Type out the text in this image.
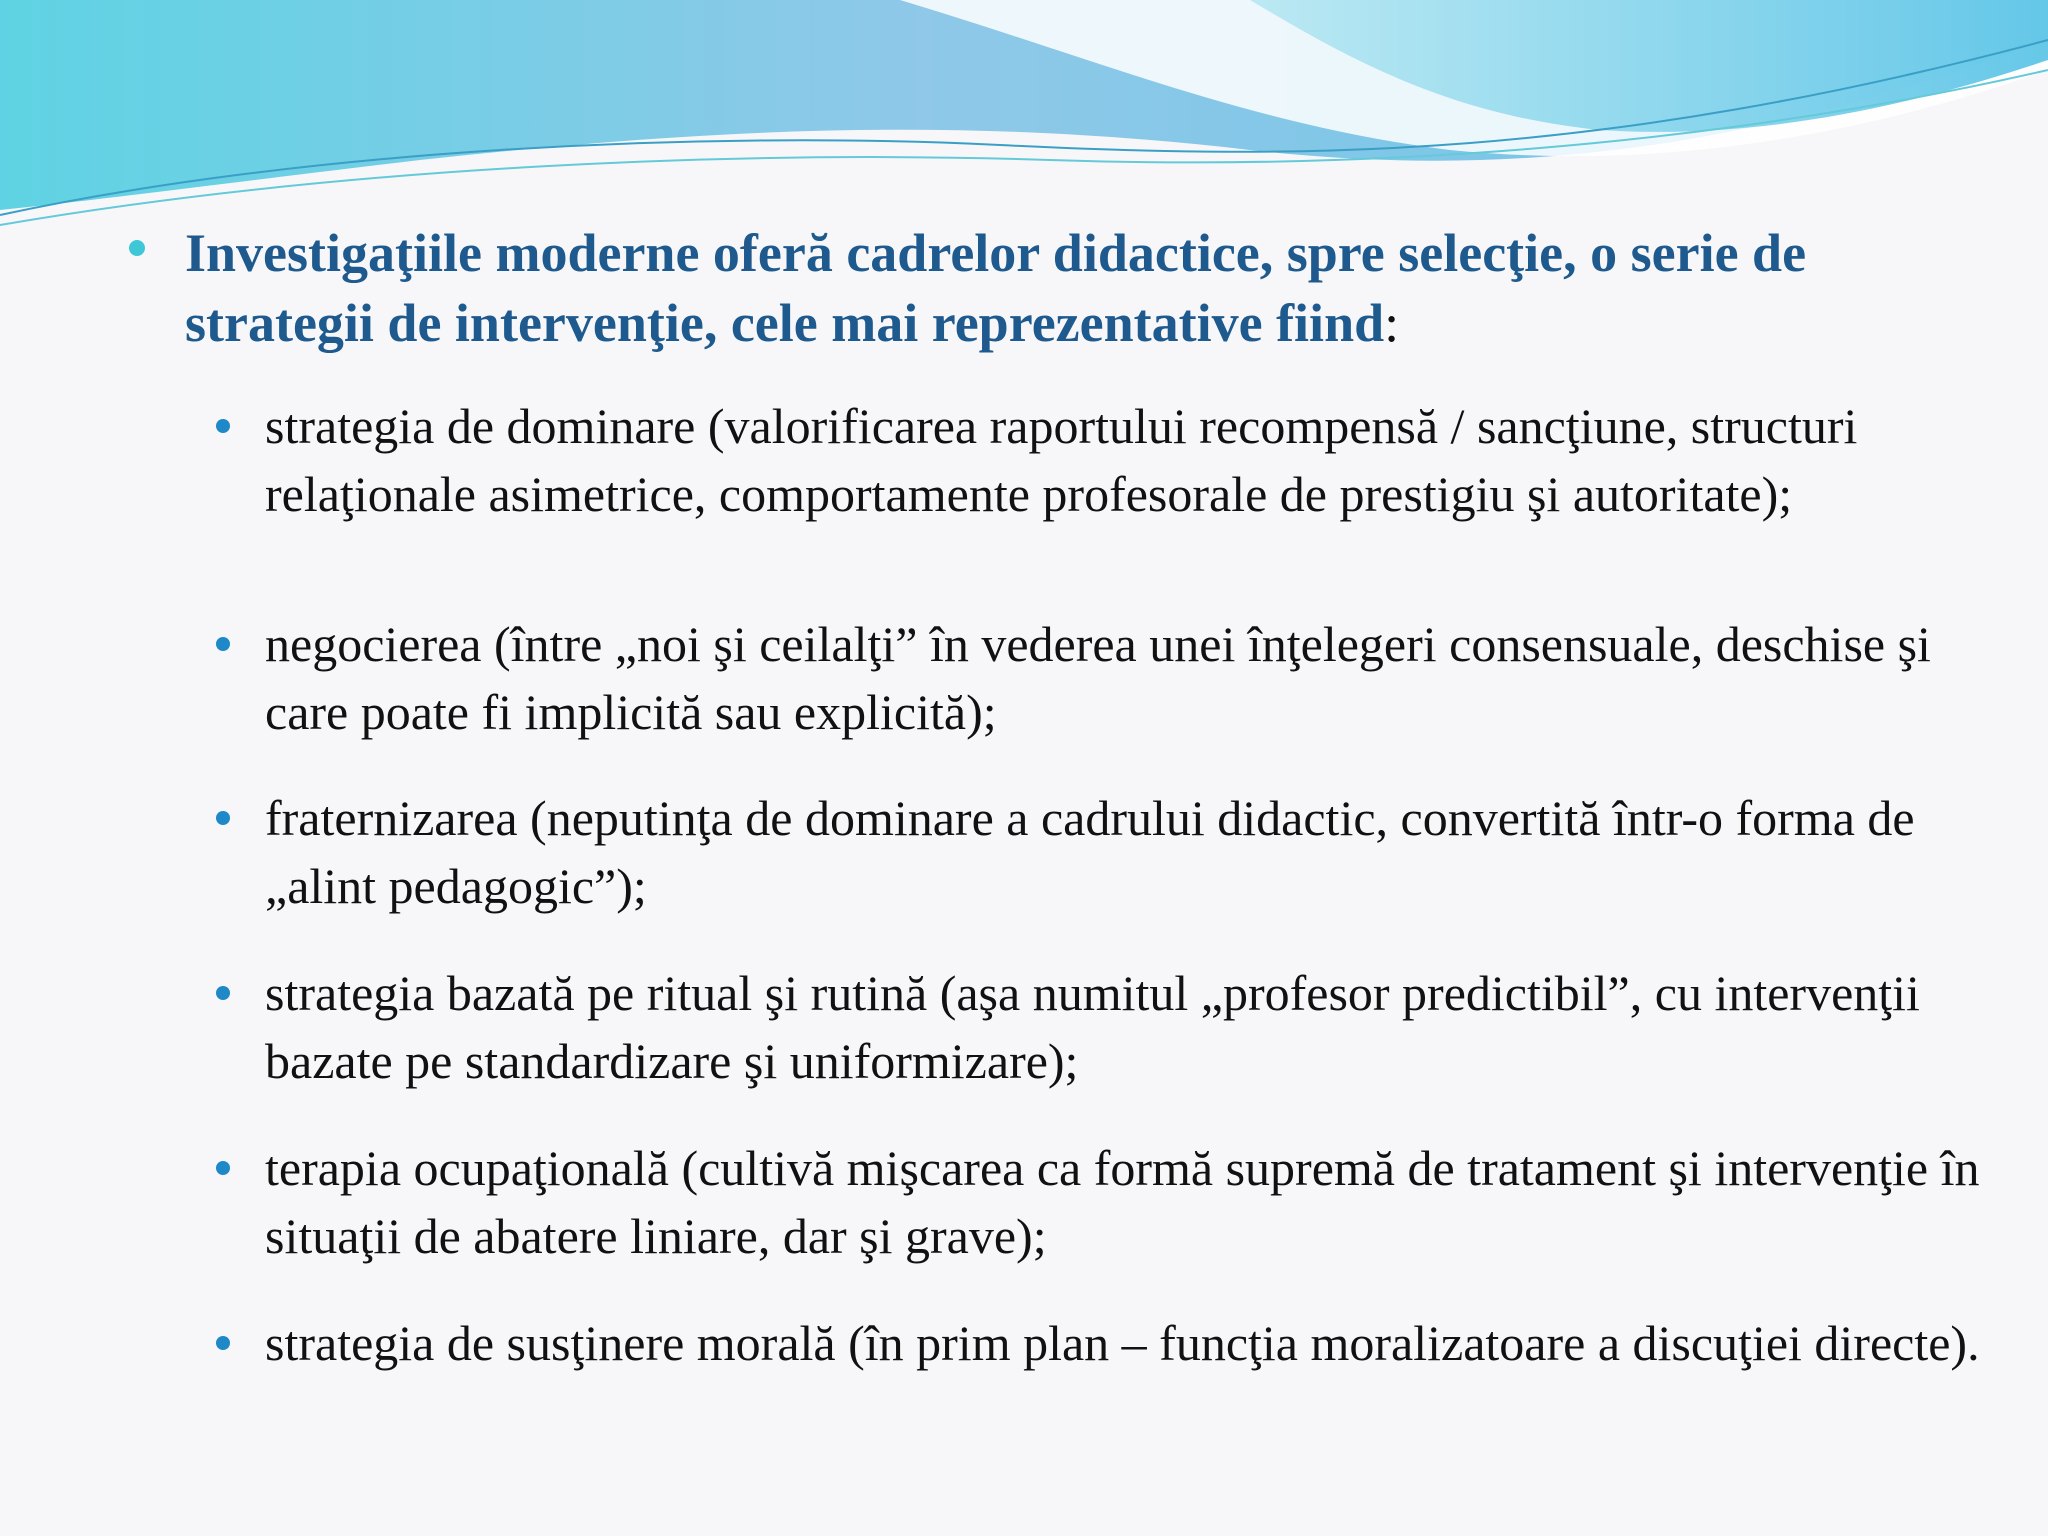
Investigaţiile moderne oferă cadrelor didactice, spre selecţie, o serie de strategii de intervenţie, cele mai reprezentative fiind:
strategia de dominare (valorificarea raportului recompensă / sancţiune, structuri relaţionale asimetrice, comportamente profesorale de prestigiu şi autoritate);
negocierea (între „noi şi ceilalţi” în vederea unei înţelegeri consensuale, deschise şi care poate fi implicită sau explicită);
fraternizarea (neputinţa de dominare a cadrului didactic, convertită într-o forma de „alint pedagogic”);
strategia bazată pe ritual şi rutină (aşa numitul „profesor predictibil”, cu intervenţii bazate pe standardizare şi uniformizare);
terapia ocupaţională (cultivă mişcarea ca formă supremă de tratament şi intervenţie în situaţii de abatere liniare, dar şi grave);
strategia de susţinere morală (în prim plan – funcţia moralizatoare a discuţiei directe).
